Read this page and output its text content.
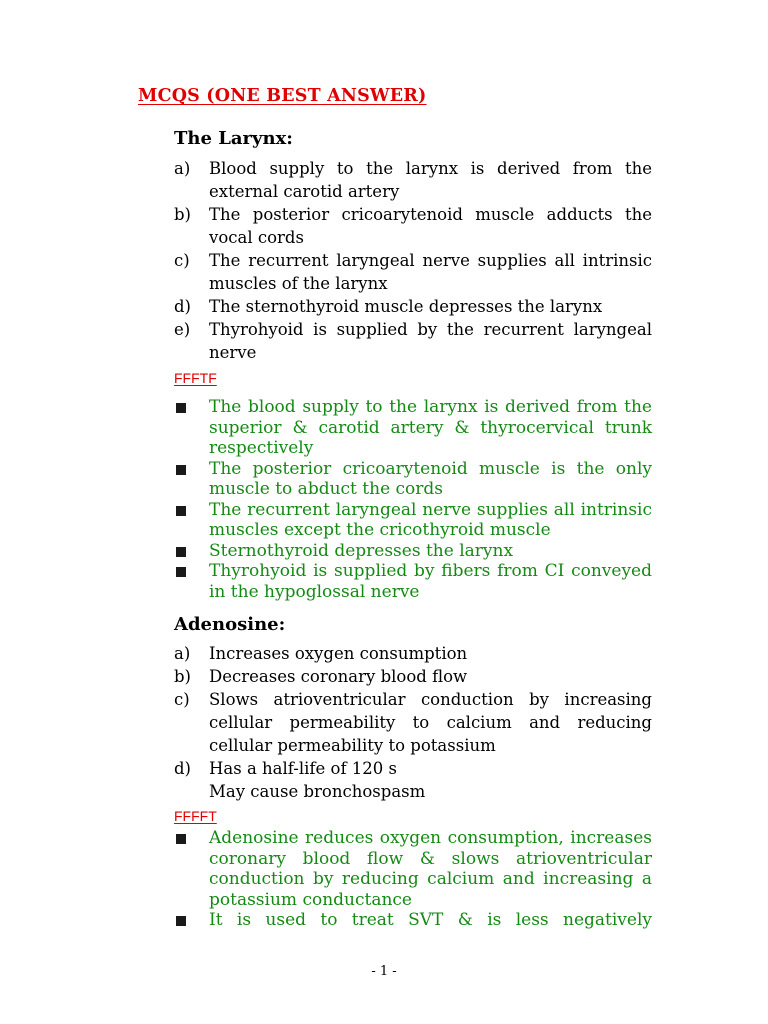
MCQS (ONE BEST ANSWER)
The Larynx:
a)	Blood supply to the larynx is derived from the external carotid artery
b)	The posterior cricoarytenoid muscle adducts the vocal cords
c)	The recurrent laryngeal nerve supplies all intrinsic muscles of the larynx
d)	The sternothyroid muscle depresses the larynx
e)	Thyrohyoid is supplied by the recurrent laryngeal nerve
FFFTF
The blood supply to the larynx is derived from the superior & carotid artery & thyrocervical trunk respectively
The posterior cricoarytenoid muscle is the only muscle to abduct the cords
The recurrent laryngeal nerve supplies all intrinsic muscles except the cricothyroid muscle
Sternothyroid depresses the larynx
Thyrohyoid is supplied by fibers from CI conveyed in the hypoglossal nerve
Adenosine:
a)	Increases oxygen consumption
b)	Decreases coronary blood flow
c)	Slows atrioventricular conduction by increasing cellular permeability to calcium and reducing cellular permeability to potassium
d)	Has a half-life of 120 s
May cause bronchospasm
FFFFT
Adenosine reduces oxygen consumption, increases coronary blood flow & slows atrioventricular conduction by reducing calcium and increasing a potassium conductance
It is used to treat SVT & is less negatively
- 1 -
